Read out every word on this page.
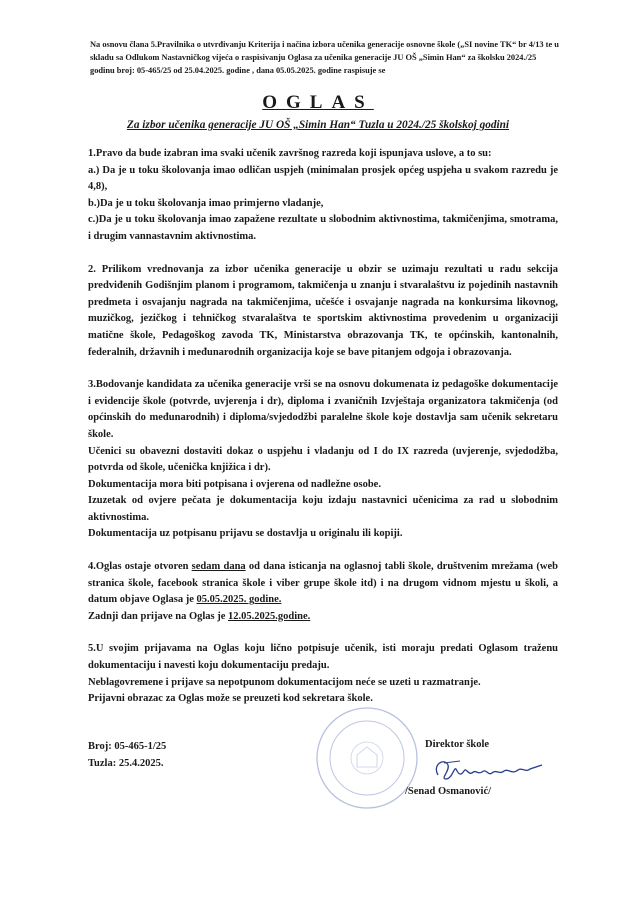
Na osnovu člana 5.Pravilnika o utvrđivanju Kriterija i načina izbora učenika generacije osnovne škole („SI novine TK“ br 4/13 te u skladu sa Odlukom Nastavničkog vijeća o raspisivanju Oglasa za učenika generacije JU OŠ „Simin Han“ za školsku 2024./25 godinu broj: 05-465/25 od 25.04.2025. godine , dana 05.05.2025. godine raspisuje se
OGLAS
Za izbor učenika generacije JU OŠ „Simin Han“ Tuzla u 2024./25 školskoj godini

1.Pravo da bude izabran ima svaki učenik završnog razreda koji ispunjava uslove, a to su:

a.) Da je u toku školovanja imao odličan uspjeh (minimalan prosjek općeg uspjeha u svakom razredu je 4,8),

b.)Da je u toku školovanja imao primjerno vladanje,

c.)Da je u toku školovanja imao zapažene rezultate u slobodnim aktivnostima, takmičenjima, smotrama, i drugim vannastavnim aktivnostima.

2. Prilikom vrednovanja za izbor učenika generacije u obzir se uzimaju rezultati u radu sekcija predviđenih Godišnjim planom i programom, takmičenja u znanju i stvaralaštvu iz pojedinih nastavnih predmeta i osvajanju nagrada na takmičenjima, učešće i osvajanje nagrada na konkursima likovnog, muzičkog, jezičkog i tehničkog stvaralaštva te sportskim aktivnostima provedenim u organizaciji matične škole, Pedagoškog zavoda TK, Ministarstva obrazovanja TK, te općinskih, kantonalnih, federalnih, državnih i međunarodnih organizacija koje se bave pitanjem odgoja i obrazovanja.

3.Bodovanje kandidata za učenika generacije vrši se na osnovu dokumenata iz pedagoške dokumentacije i evidencije škole (potvrde, uvjerenja i dr), diploma i zvaničnih Izvještaja organizatora takmičenja (od općinskih do međunarodnih) i diploma/svjedodžbi paralelne škole koje dostavlja sam učenik sekretaru škole.

Učenici su obavezni dostaviti dokaz o uspjehu i vladanju od I do IX razreda (uvjerenje, svjedodžba, potvrda od škole, učenička knjižica i dr).

Dokumentacija mora biti potpisana i ovjerena od nadležne osobe.

Izuzetak od ovjere pečata je dokumentacija koju izdaju nastavnici učenicima za rad u slobodnim aktivnostima.

Dokumentacija uz potpisanu prijavu se dostavlja u originalu ili kopiji.

4.Oglas ostaje otvoren sedam dana od dana isticanja na oglasnoj tabli škole, društvenim mrežama (web stranica škole, facebook stranica škole i viber grupe škole itd) i na drugom vidnom mjestu u školi, a datum objave Oglasa je 05.05.2025. godine.

Zadnji dan prijave na Oglas je 12.05.2025.godine.

5.U svojim prijavama na Oglas koju lično potpisuje učenik, isti moraju predati Oglasom traženu dokumentaciju i navesti koju dokumentaciju predaju.

Neblagovremene i prijave sa nepotpunom dokumentacijom neće se uzeti u razmatranje.

Prijavni obrazac za Oglas može se preuzeti kod sekretara škole.

Broj: 05-465-1/25
Tuzla: 25.4.2025.
Direktor škole
/Senad Osmanović/
